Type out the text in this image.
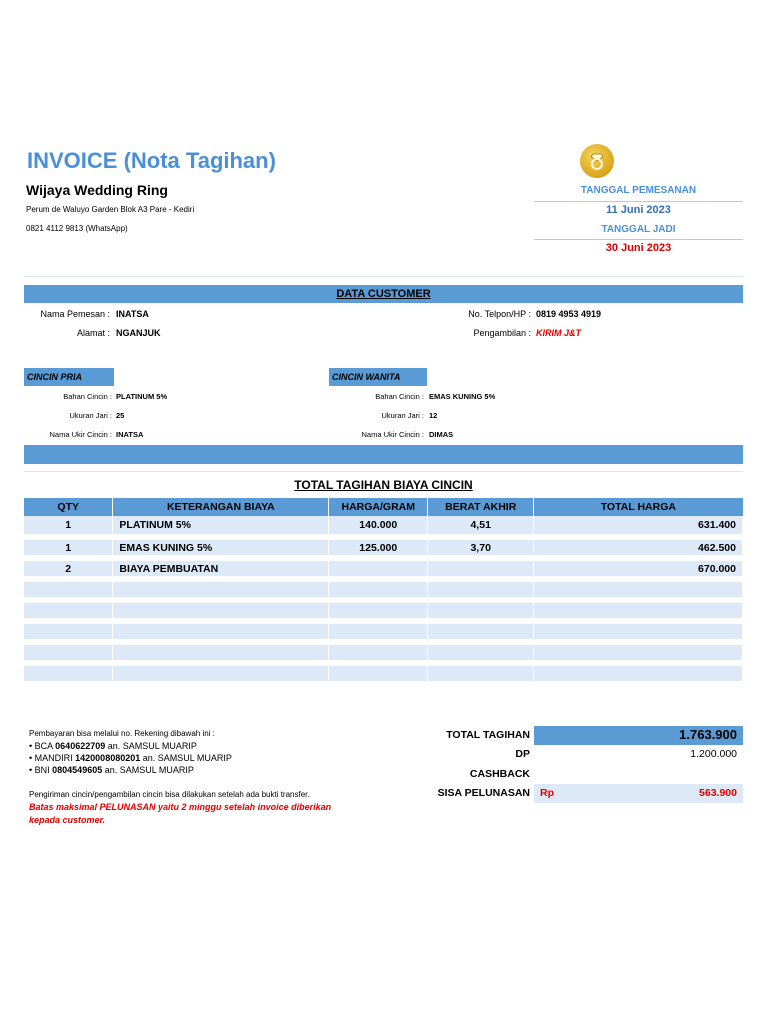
INVOICE (Nota Tagihan)
Wijaya Wedding Ring
Perum de Waluyo Garden Blok A3 Pare - Kediri
0821 4112 9813 (WhatsApp)
TANGGAL PEMESANAN
11 Juni 2023
TANGGAL JADI
30 Juni 2023
DATA CUSTOMER
Nama Pemesan : INATSA
Alamat : NGANJUK
No. Telpon/HP : 0819 4953 4919
Pengambilan : KIRIM J&T
CINCIN PRIA
Bahan Cincin : PLATINUM 5%
Ukuran Jari : 25
Nama Ukir Cincin : INATSA
CINCIN WANITA
Bahan Cincin : EMAS KUNING 5%
Ukuran Jari : 12
Nama Ukir Cincin : DIMAS
TOTAL TAGIHAN BIAYA CINCIN
QTY	KETERANGAN BIAYA	HARGA/GRAM	BERAT AKHIR	TOTAL HARGA
1	PLATINUM 5%	140.000	4,51	631.400
1	EMAS KUNING 5%	125.000	3,70	462.500
2	BIAYA PEMBUATAN			670.000

Pembayaran bisa melalui no. Rekening dibawah ini :
• BCA 0640622709 an. SAMSUL MUARIP
• MANDIRI 1420008080201 an. SAMSUL MUARIP
• BNI 0804549605 an. SAMSUL MUARIP
Pengiriman cincin/pengambilan cincin bisa dilakukan setelah ada bukti transfer.
Batas maksimal PELUNASAN yaitu 2 minggu setelah invoice diberikan
kepada customer.
TOTAL TAGIHAN	1.763.900
DP	1.200.000
CASHBACK
SISA PELUNASAN Rp	563.900
